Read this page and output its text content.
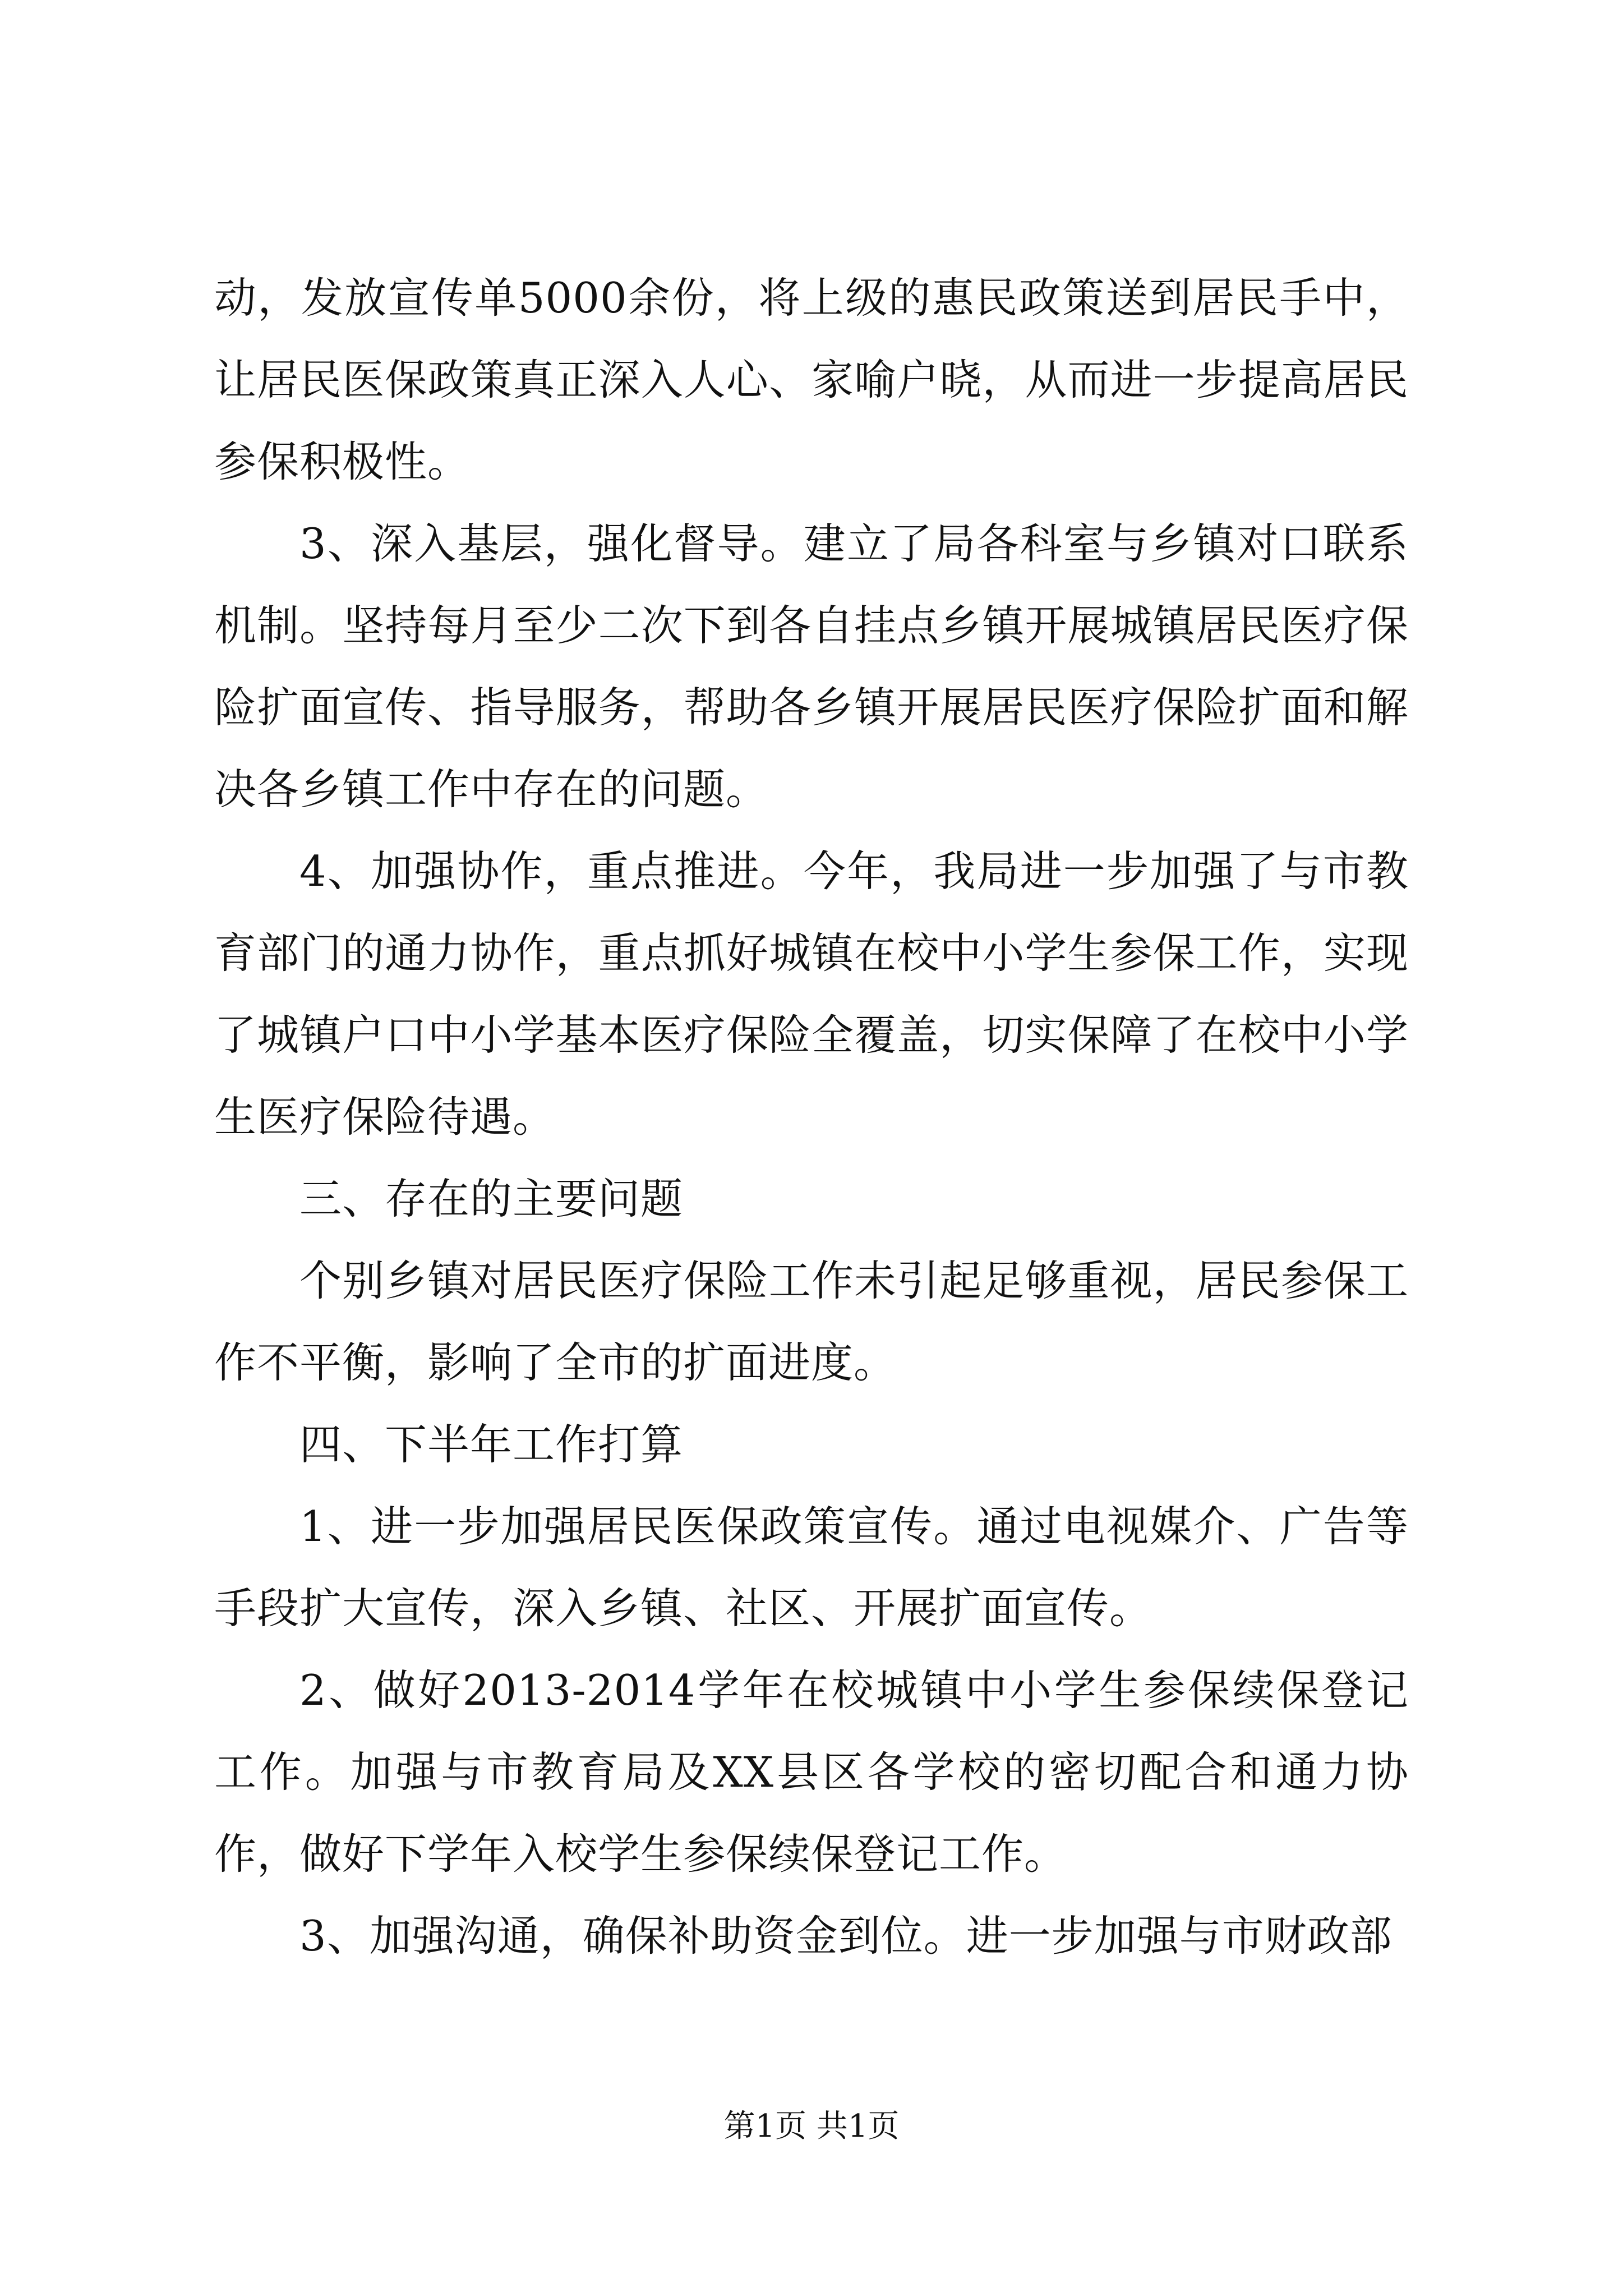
动，发放宣传单5000余份，将上级的惠民政策送到居民手中，让居民医保政策真正深入人心、家喻户晓，从而进一步提高居民参保积极性。

3、深入基层，强化督导。建立了局各科室与乡镇对口联系机制。坚持每月至少二次下到各自挂点乡镇开展城镇居民医疗保险扩面宣传、指导服务，帮助各乡镇开展居民医疗保险扩面和解决各乡镇工作中存在的问题。

4、加强协作，重点推进。今年，我局进一步加强了与市教育部门的通力协作，重点抓好城镇在校中小学生参保工作，实现了城镇户口中小学基本医疗保险全覆盖，切实保障了在校中小学生医疗保险待遇。

三、存在的主要问题

个别乡镇对居民医疗保险工作未引起足够重视，居民参保工作不平衡，影响了全市的扩面进度。

四、下半年工作打算

1、进一步加强居民医保政策宣传。通过电视媒介、广告等手段扩大宣传，深入乡镇、社区、开展扩面宣传。

2、做好2013-2014学年在校城镇中小学生参保续保登记工作。加强与市教育局及XX县区各学校的密切配合和通力协作，做好下学年入校学生参保续保登记工作。

3、加强沟通，确保补助资金到位。进一步加强与市财政部

第1页 共1页
